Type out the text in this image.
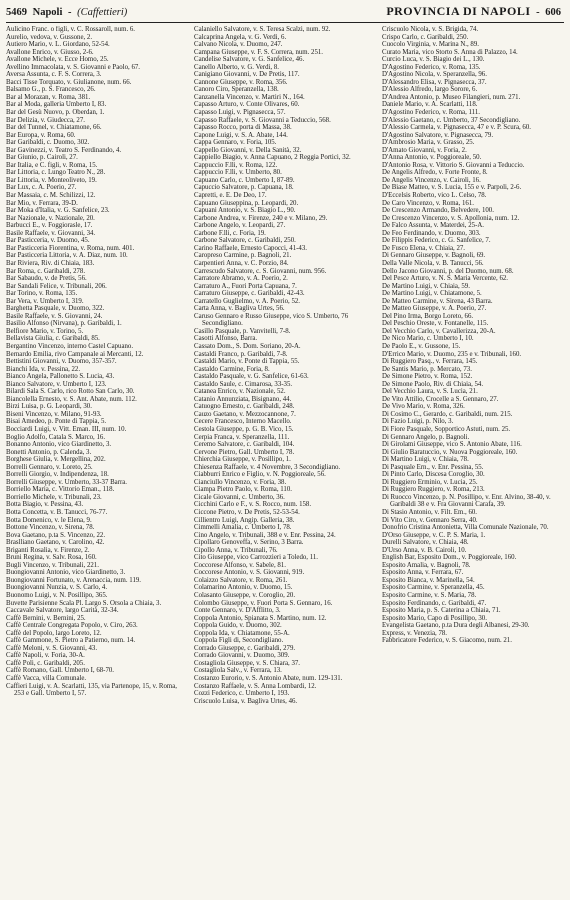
5469 Napoli - (Caffettieri)	PROVINCIA DI NAPOLI - 606
Aulicino Franc. o figli, v. C. Rossaroll, num. 6.
Aurelio, vedova, v. Gussone, 2.
Autiero Mario, v. L. Giordano, 52-54.
Avallone Enrico, v. Giusso, 2-6.
Avallone Michele, v. Ecce Homo, 25.
Avellino Immacolata, v. S. Giovanni e Paolo, 67.
Aversa Assunta, c. F. S. Correra, 3.
Bacci Tisse Torquato, v. Giulianone, num. 66.
Balsamo G., p. S. Francesco, 26.
Bar al Morazan, v. Roma, 381.
Bar al Moda, galleria Umberto I, 83.
Bar del Gesù Nuovo, p. Oberdan, 1.
Bar Delizia, v. Giudecca, 27.
Bar del Tunnel, v. Chiatamone, 66.
Bar Europa, v. Roma, 60.
Bar Garibaldi, c. Duomo, 302.
Bar Gavinezzi, v. Teatro S. Ferdinando, 4.
Bar Giunio, p. Cairoli, 27.
Bar Italia, e C. figli, v. Roma, 15.
Bar Littoria, c. Lungo Teatro N., 28.
Bar Littoria, v. Monteoliveto, 19.
Bar Lux, c. A. Poerio, 27.
Bar Massaia, c. M. Schilizzi, 12.
Bar Mio, v. Ferrara, 39-D.
Bar Moka d'Italia, v. G. Sanfelice, 23.
Bar Nazionale, v. Nazionale, 20.
Barbucci E., v. Foggiorasle, 17.
Basile Raffaele, v. Giovanni, 34.
Bar Pasticceria, v. Duomo, 45.
Bar Pasticceria Fiorentina, v. Roma, num. 401.
Bar Pasticceria Littoria, v. A. Diaz, num. 10.
Bar Riviera, Riv. di Chiaia, 183.
Bar Roma, c. Garibaldi, 278.
Bar Sabaudo, v. de Pretis, 56.
Bar Sandali Felice, v. Tribunali, 206.
Bar Torino, v. Roma, 135.
Bar Vera, v. Umberto I, 319.
Barghetta Pasquale, v. Duomo, 322.
Basile Raffaele, v. S. Giovanni, 24.
Basilio Alfonso (Nirvana), p. Garibaldi, 1.
Belfiore Mario, v. Torino, 5.
Bellavista Giulia, c. Garibaldi, 85.
Bergantino Vincenzo, interno Castel Capuano.
Bernardo Emilia, rivo Campanale ai Mercanti, 12.
Bettistini Giovanni, v. Duomo, 357-357.
Bianchi Ida, v. Pessina, 22.
Bianco Angela, Pallonetto S. Lucia, 43.
Bianco Salvatore, v. Umberto I, 123.
Bilardi Sala S. Carlo, rico Rotto San Carlo, 30.
Biancolella Ernesto, v. S. Ant. Abate, num. 112.
Birzi Luisa, p. G. Leopardi, 30.
Biseni Vincenzo, v. Milano, 91-93.
Bisai Amedeo, p. Ponte di Tappia, 5.
Bocciardi Luigi, v. Vitt. Eman. III, num. 10.
Boglio Adolfo, Catala S. Marco, 16.
Bonanno Antonio, vico Giardinetto, 3.
Bonetti Antonio, p. Calenda, 3.
Borghese Giulia, v. Mergellina, 202.
Borrelli Gennaro, v. Loreto, 25.
Borrelli Giorgio, v. Indipendenza, 18.
Borrelli Giuseppe, v. Umberto, 33-37 Barra.
Borriello Maria, c. Vittorio Eman., 118.
Borriello Michele, v. Tribunali, 23.
Botta Biagio, v. Pessina, 43.
Botta Concetta, v. B. Tanucci, 76-77.
Botta Domenico, v. le Elena, 9.
Bottone Vincenzo, v. Sirena, 78.
Bova Gaetano, p.ta S. Vincenzo, 22.
Braslliano Gaetano, v. Carolino, 42.
Briganti Rosalia, v. Firenze, 2.
Bruni Regina, v. Salv. Rosa, 160.
Bugli Vincenzo, v. Tribunali, 221.
Buongiovanni Antonio, vico Giardinetto, 3.
Buongiovanni Fortunato, v. Arenaccia, num. 119.
Buongiovanni Nunzia, v. S. Carlo, 4.
Buonomo Luigi, v. N. Posillipo, 365.
Buvette Parisienne Scala Pl. Largo S. Orsola a Chiaia, 3.
Caccavale Salvatore, largo Carità, 32-34.
Caffè Bernini, v. Bernini, 25.
Caffè Centrale Congregata Popolo, v. Ciro, 263.
Caffè del Popolo, largo Loreto, 12.
Caffè Gammone, S. Pietro a Patierno, num. 14.
Caffè Meloni, v. S. Giovanni, 43.
Caffè Napoli, v. Foria, 30-A.
Caffè Poli, c. Garibaldi, 205.
Caffè Romano, Gall. Umberto I, 68-70.
Caffè Vacca, villa Comunale.
Caffieri Luigi, v. A. Scarlatti, 135, via Partenope, 15, v. Roma, 253 e Gall. Umberto I, 57.
Calaniello Salvatore, v. S. Teresa Scalzi, num. 92.
Calcaprina Angela, v. G. Verdi, 6.
Calvano Nicola, v. Duomo, 247.
Campana Giuseppe, v. F. S. Correra, num. 251.
Candelise Salvatore, v. G. Sanfelice, 46.
Canello Alberto, v. G. Verdi, 8.
Canigiano Giovanni, v. De Pretis, 117.
Cannone Giuseppe, v. Roma, 356.
Canoro Ciro, Speranzella, 138.
Canzanella Vincenzo, v. Martiri N., 164.
Capasso Arturo, v. Conte Olivares, 60.
Capasso Luigi, v. Pignasecca, 57.
Capasso Raffaele, v. S. Giovanni a Teduccio, 568.
Capasso Rocco, porta di Massa, 38.
Capone Luigi, v. S. A. Abate, 144.
Cappa Gennaro, v. Foria, 105.
Cappello Giovanni, v. Della Sanità, 32.
Cappiello Biagio, v. Anna Capuano, 2 Reggia Portici, 32.
Cappuccio F.lli, v. Roma, 122.
Cappuccio F.lli, v. Umberto, 80.
Capuano Carlo, c. Umberto I, 87-89.
Capuccio Salvatore, p. Capuana, 18.
Capretti, e. E. De Deo, 17.
Capuano Giuseppina, p. Leopardi, 20.
Capuani Antonio, v. S. Biagio L., 90.
Carbone Andrea, v. Firenze, 240 e v. Milano, 29.
Carbone Angelo, v. Leopardi, 27.
Carbone F.lli, c. Foria, 19.
Carbone Salvatore, c. Garibaldi, 250.
Carino Raffaele, Ernesto Capocci, 41-43.
Caropreso Carmine, p. Bagnoli, 21.
Carpentieri Anna, v. C. Porzio, 84.
Carrescudo Salvatore, c. S. Giovanni, num. 956.
Carratore Abramo, v. A. Poerio, 2.
Carraturo A., Fuori Porta Capuana, 7.
Carraturo Giuseppe, c. Garibaldi, 42-43.
Carratello Guglielmo, v. A. Poerio, 52.
Carta Anna, v. Bagliva Urtes, 56.
Caruso Gennaro e Russo Giuseppe, vico S. Umberto, 76 Secondigliano.
Casillo Pasquale, p. Vanvitelli, 7-8.
Casotti Alfonso, Barra.
Cassato Dom., S. Dom. Soriano, 20-A.
Castaldi Franco, p. Garibaldi, 7-8.
Castaldi Mario, v. Ponte di Tappia, 55.
Castaldo Carmine, Foria, 8.
Castaldo Pasquale, v. G. Sanfelice, 61-63.
Castaldo Saule, c. Cimarosa, 33-35.
Catanea Enrico, v. Nazionale, 52.
Catanio Annunziata, Bisignano, 44.
Catuogno Ernesto, c. Garibaldi, 248.
Cauzo Gaetano, v. Mezzocannone, 7.
Cecere Francesco, Interno Macello.
Cestola Giuseppe, p. G. B. Vico, 15.
Cerpia Franca, v. Speranzella, 111.
Ceremo Salvatore, c. Garibaldi, 104.
Cervone Pietro, Gall. Umberto I, 78.
Chierchia Giuseppe, v. Posillipo, 1.
Chiesenza Raffaele, v. 4 Novembre, 3 Secondigliano.
Ciabburri Enrico e Figlio, v. N. Poggioreale, 56.
Cianciullo Vincenzo, v. Foria, 38.
Ciampa Pietro Paolo, v. Roma, 110.
Cicale Giovanni, c. Umberto, 36.
Cicchini Carlo e F., v. S. Rocco, num. 158.
Ciccone Pietro, v. De Pretis, 52-53-54.
Cillientro Luigi, Angip. Galleria, 38.
Cimmelli Amalia, c. Umberto I, 78.
Cino Angelo, v. Tribunali, 388 e v. Enr. Pessina, 24.
Cipollaro Genoveffa, v. Serino, 3 Barra.
Cipollo Anna, v. Tribunali, 76.
Cito Giuseppe, vico Carrozzieri a Toledo, 11.
Coccorese Alfonso, v. Sabele, 81.
Coccorese Antonio, v. S. Giovanni, 919.
Colaizzo Salvatore, v. Roma, 261.
Colamarino Antonio, v. Duomo, 15.
Colasanto Giuseppe, v. Coroglio, 20.
Colombo Giuseppe, v. Fuori Porta S. Gennaro, 16.
Conte Gennaro, v. D'Afflitto, 3.
Coppola Antonio, Spianata S. Martino, num. 12.
Coppola Guido, v. Duomo, 302.
Coppola Ida, v. Chiatamone, 55-A.
Coppola Figli di, Secondigliano.
Corrado Giuseppe, c. Garibaldi, 279.
Corrado Giovanni, v. Duomo, 309.
Costagliola Giuseppe, v. S. Chiara, 37.
Costagliola Salv., v. Ferrara, 13.
Costanzo Eurorio, v. S. Antonio Abate, num. 129-131.
Costanzo Raffaele, v. S. Anna Lombardi, 12.
Cozzi Federico, c. Umberto I, 193.
Criscuolo Luisa, v. Bagliva Urtes, 46.
Criscuolo Nicola, v. S. Brigida, 74.
Crispo Carlo, c. Garibaldi, 250.
Cuocolo Virginia, v. Marina N., 89.
Curato Maria, vico Storto S. Anna di Palazzo, 14.
Curcio Luca, v. S. Biagio dei L., 130.
D'Agostino Federico, v. Roma, 135.
D'Agostino Nicola, v. Speranzella, 96.
D'Alessandro Elisa, v. Pignasecca, 37.
D'Alessio Alfredo, largo Sorore, 6.
D'Andrea Antonio, p. Museo Filangieri, num. 271.
Daniele Mario, v. A. Scarlatti, 118.
D'Agostino Federico, v. Roma, 111.
D'Alessio Gaetano, c. Umberto, 37 Secondigliano.
D'Alessio Carmela, v. Pignasecca, 47 e v. P. Scura, 60.
D'Agostino Salvatore, v. Pignasecca, 79.
D'Ambrosio Maria, v. Grasso, 25.
D'Amato Giovanni, v. Foria, 2.
D'Anna Antonio, v. Poggioreale, 50.
D'Antonio Rosa, v. Vittorio S. Giovanni a Teduccio.
De Angelis Alfredo, v. Forte Fronte, 8.
De Angelis Vincenzo, v. Cairoli, 16.
De Biase Matteo, v. S. Lucia, 155 e v. Parpoli, 2-6.
D'Eccelsis Roberto, vico L. Celso, 78.
De Caro Vincenzo, v. Roma, 161.
De Crescenzo Armando, Belvedere, 100.
De Crescenzo Vincenzo, v. S. Apollonia, num. 12.
De Falco Assunta, v. Materdei, 25-A.
De Feo Ferdinando, v. Duomo, 303.
De Filippis Federico, c. G. Sanfelice, 7.
De Fusco Elena, v. Chiaia, 27.
Di Gennaro Giuseppe, v. Bagnoli, 69.
Della Valle Nicola, v. B. Tanucci, 56.
Dello Jacono Giovanni, p. del Duomo, num. 68.
Del Pesce Arturo, v. N. S. Maria Vercente, 62.
De Martino Luigi, v. Chiaia, 59.
De Martino Luigi, v. Chiatamone, 5.
De Matteo Carmine, v. Sirena, 43 Barra.
De Matteo Giuseppe, v. A. Poerio, 27.
Del Pino Irma, Borgo Loreto, 66.
Del Peschio Oreste, v. Fontanelle, 115.
Del Vecchio Carlo, v. Cavallerizza, 20-A.
De Nico Mario, c. Umberto I, 10.
De Paolo E., v. Gussone, 15.
D'Errico Mario, v. Duomo, 235 e v. Tribunali, 160.
Di Ruggiero Pasq., v. Ferrara, 145.
De Santis Mario, p. Mercato, 73.
De Simone Pietro, v. Roma, 152.
De Simone Paolo, Riv. di Chiaia, 54.
Del Vecchio Laura, v. S. Lucia, 21.
De Vito Attilio, Crocelle a S. Gennaro, 27.
De Vivo Mario, v. Roma, 326.
Di Cosimo C., Gerardo, c. Garibaldi, num. 215.
Di Fazio Luigi, p. Nilo, 3.
Di Fiore Pasquale, Sopportico Astuti, num. 25.
Di Gennaro Angelo, p. Bagnoli.
Di Girolami Giuseppe, vico S. Antonio Abate, 116.
Di Giulio Baratuccio, v. Nuova Poggioreale, 160.
Di Martino Luigi, v. Chiaia, 78.
Di Pasquale Ern., v. Enr. Pessina, 55.
Di Pinto Carlo, Discesa Coroglio, 30.
Di Ruggiero Erminio, v. Lucia, 25.
Di Ruggiero Ruggiero, v. Roma, 213.
Di Ruocco Vincenzo, p. N. Posillipo, v. Enr. Alvino, 38-40, v. Garibaldi 38 e v. Fra Giovanni Carafa, 39.
Di Stasio Antonio, v. Filt. Em., 60.
Di Vito Ciro, v. Gennaro Serra, 40.
Donofrio Cristina Antonietta, Villa Comunale Nazionale, 70.
D'Orso Giuseppe, v. C. P. S. Maria, 1.
Durelli Salvatore, v. Chiaia, 48.
D'Urso Anna, v. B. Cairoli, 10.
English Bar, Esposito Dom., v. Poggioreale, 160.
Esposito Amalia, v. Bagnoli, 78.
Esposito Anna, v. Ferrara, 67.
Esposito Bianca, v. Marinella, 54.
Esposito Carmine, v. Speranzella, 45.
Esposito Carmine, v. S. Maria, 78.
Esposito Ferdinando, c. Garibaldi, 47.
Esposito Maria, p. S. Caterina a Chiaia, 71.
Esposito Mario, Capo di Posillipo, 30.
Evangelista Gaetano, p.ta Dura degli Albanesi, 29-30.
Express, v. Venezia, 78.
Fabbricatore Federico, v. S. Giacomo, num. 21.
